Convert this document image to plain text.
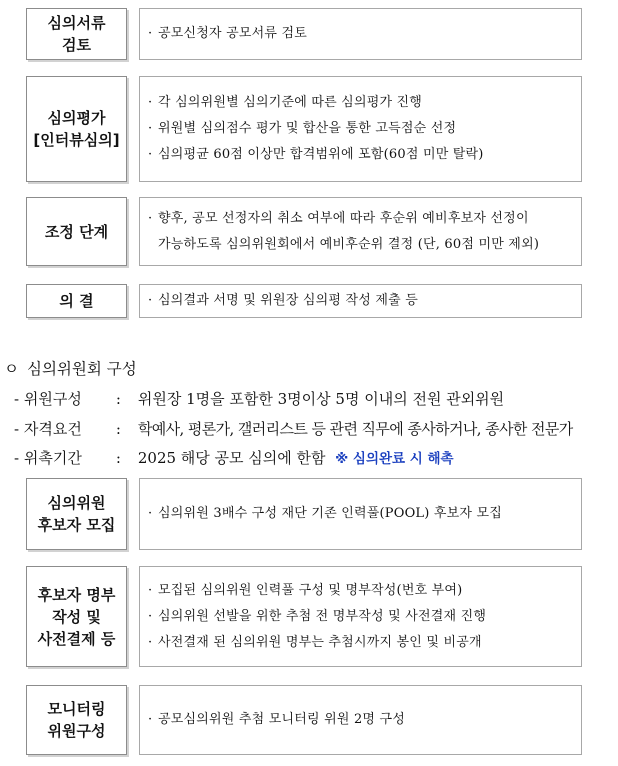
심의서류
검토
· 공모신청자 공모서류 검토
심의평가
[인터뷰심의]
· 각 심의위원별 심의기준에 따른 심의평가 진행
· 위원별 심의점수 평가 및 합산을 통한 고득점순 선정
· 심의평균 60점 이상만 합격범위에 포함(60점 미만 탈락)
조정 단계
· 향후, 공모 선정자의 취소 여부에 따라 후순위 예비후보자 선정이
가능하도록 심의위원회에서 예비후순위 결정 (단, 60점 미만 제외)
의 결	· 심의결과 서명 및 위원장 심의평 작성 제출 등
ㅇ 심의위원회 구성
- 위원구성 : 위원장 1명을 포함한 3명이상 5명 이내의 전원 관외위원
- 자격요건 : 학예사, 평론가, 갤러리스트 등 관련 직무에 종사하거나, 종사한 전문가
- 위촉기간 : 2025 해당 공모 심의에 한함 ※ 심의완료 시 해촉
심의위원
후보자 모집
· 심의위원 3배수 구성 재단 기존 인력풀(POOL) 후보자 모집
후보자 명부
작성 및
사전결제 등
· 모집된 심의위원 인력풀 구성 및 명부작성(번호 부여)
· 심의위원 선발을 위한 추첨 전 명부작성 및 사전결재 진행
· 사전결재 된 심의위원 명부는 추첨시까지 봉인 및 비공개
모니터링
위원구성
· 공모심의위원 추첨 모니터링 위원 2명 구성
